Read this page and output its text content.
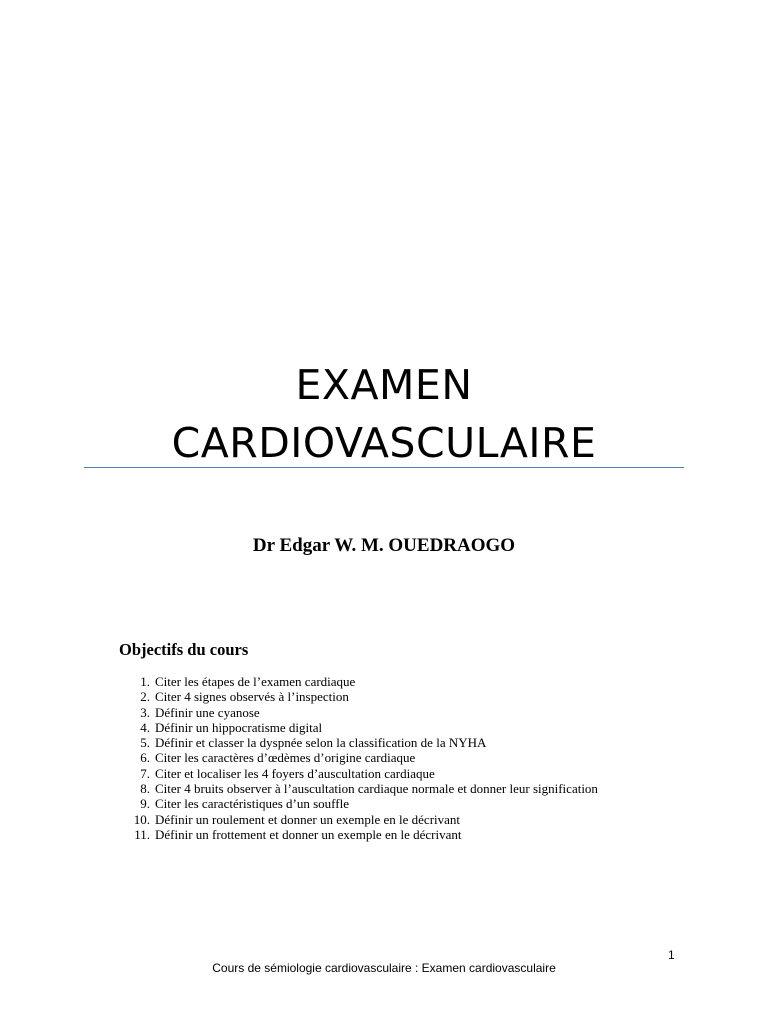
EXAMEN
CARDIOVASCULAIRE
Dr Edgar W. M. OUEDRAOGO
Objectifs du cours
1. Citer les étapes de l’examen cardiaque
2. Citer 4 signes observés à l’inspection
3. Définir une cyanose
4. Définir un hippocratisme digital
5. Définir et classer la dyspnée selon la classification de la NYHA
6. Citer les caractères d’œdèmes d’origine cardiaque
7. Citer et localiser les 4 foyers d’auscultation cardiaque
8. Citer 4 bruits observer à l’auscultation cardiaque normale et donner leur signification
9. Citer les caractéristiques d’un souffle
10. Définir un roulement et donner un exemple en le décrivant
11. Définir un frottement et donner un exemple en le décrivant
1
Cours de sémiologie cardiovasculaire : Examen cardiovasculaire
